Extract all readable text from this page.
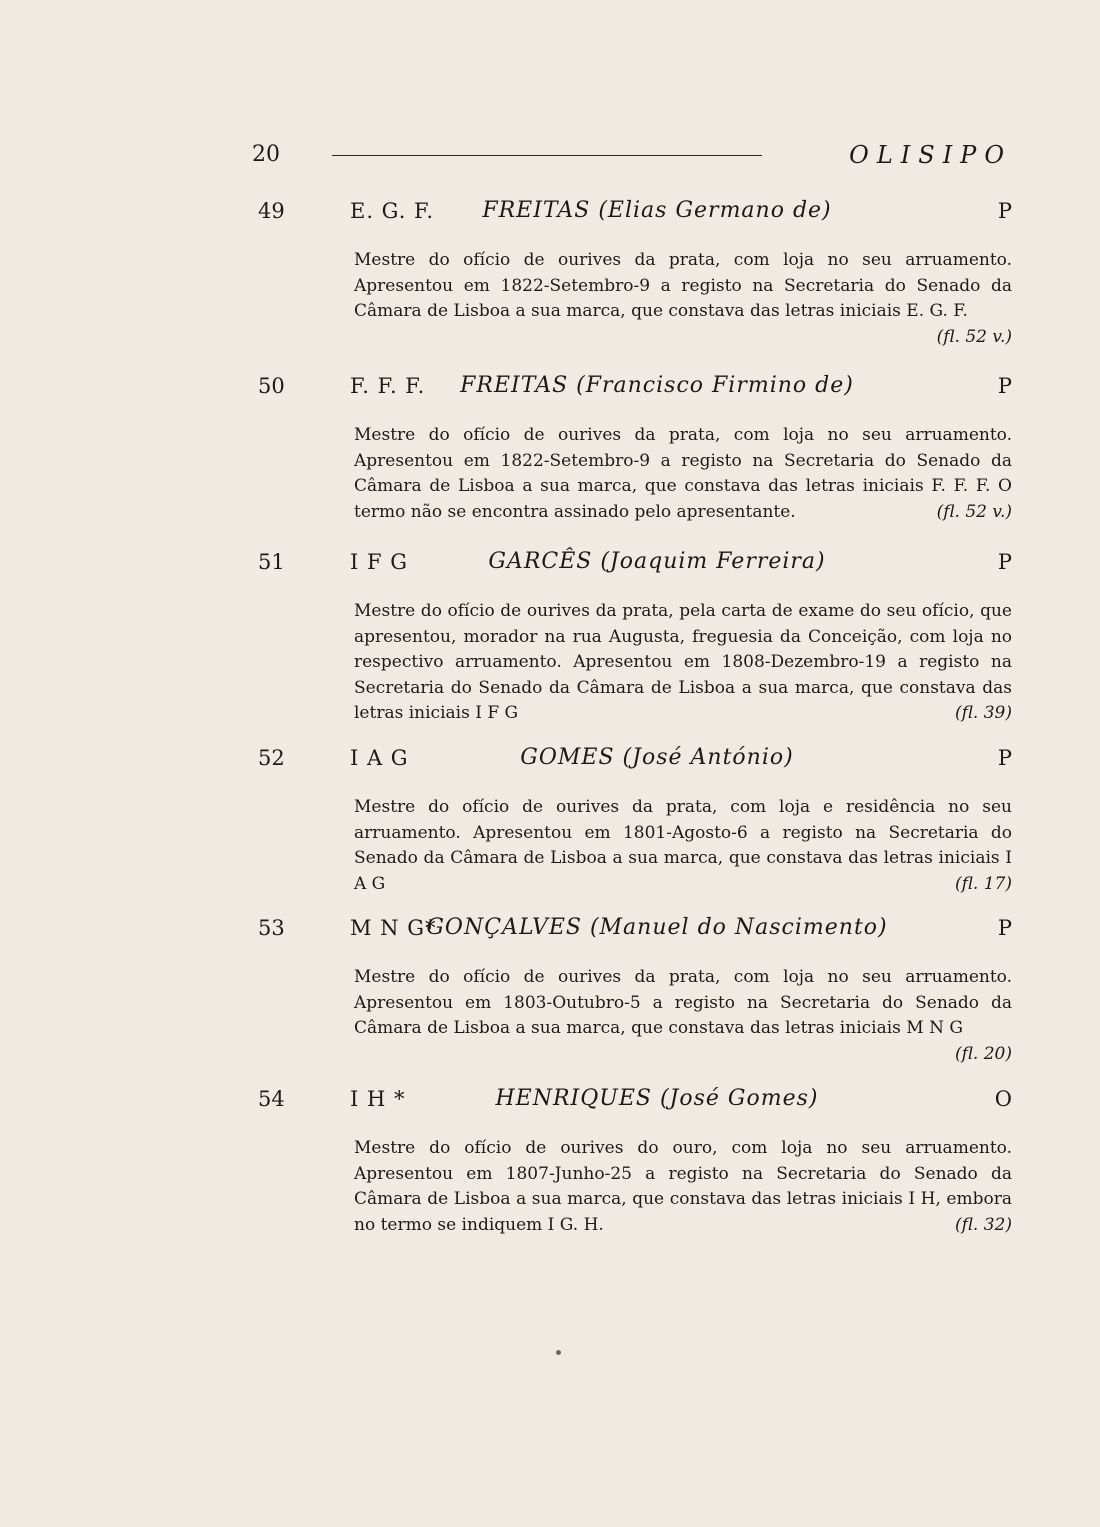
20	OLISIPO
49	E. G. F.	FREITAS (Elias Germano de)	P

Mestre do ofício de ourives da prata, com loja no seu arruamento. Apresentou em 1822-Setembro-9 a registo na Secretaria do Senado da Câmara de Lisboa a sua marca, que constava das letras iniciais E. G. F.
(fl. 52 v.)

50	F. F. F.	FREITAS (Francisco Firmino de)	P

Mestre do ofício de ourives da prata, com loja no seu arruamento. Apresentou em 1822-Setembro-9 a registo na Secretaria do Senado da Câmara de Lisboa a sua marca, que constava das letras iniciais F. F. F. O termo não se encontra assinado pelo apresentante.	(fl. 52 v.)

51	I F G	GARCÊS (Joaquim Ferreira)	P

Mestre do ofício de ourives da prata, pela carta de exame do seu ofício, que apresentou, morador na rua Augusta, freguesia da Conceição, com loja no respectivo arruamento. Apresentou em 1808-Dezembro-19 a registo na Secretaria do Senado da Câmara de Lisboa a sua marca, que constava das letras iniciais I F G	(fl. 39)

52	I A G	GOMES (José António)	P

Mestre do ofício de ourives da prata, com loja e residência no seu arruamento. Apresentou em 1801-Agosto-6 a registo na Secretaria do Senado da Câmara de Lisboa a sua marca, que constava das letras iniciais I A G	(fl. 17)

53	M N G*
GONÇALVES (Manuel do Nascimento)	P

Mestre do ofício de ourives da prata, com loja no seu arruamento. Apresentou em 1803-Outubro-5 a registo na Secretaria do Senado da Câmara de Lisboa a sua marca, que constava das letras iniciais M N G
(fl. 20)

54	I H *	HENRIQUES (José Gomes)	O

Mestre do ofício de ourives do ouro, com loja no seu arruamento. Apresentou em 1807-Junho-25 a registo na Secretaria do Senado da Câmara de Lisboa a sua marca, que constava das letras iniciais I H, embora no termo se indiquem I G. H.	(fl. 32)
